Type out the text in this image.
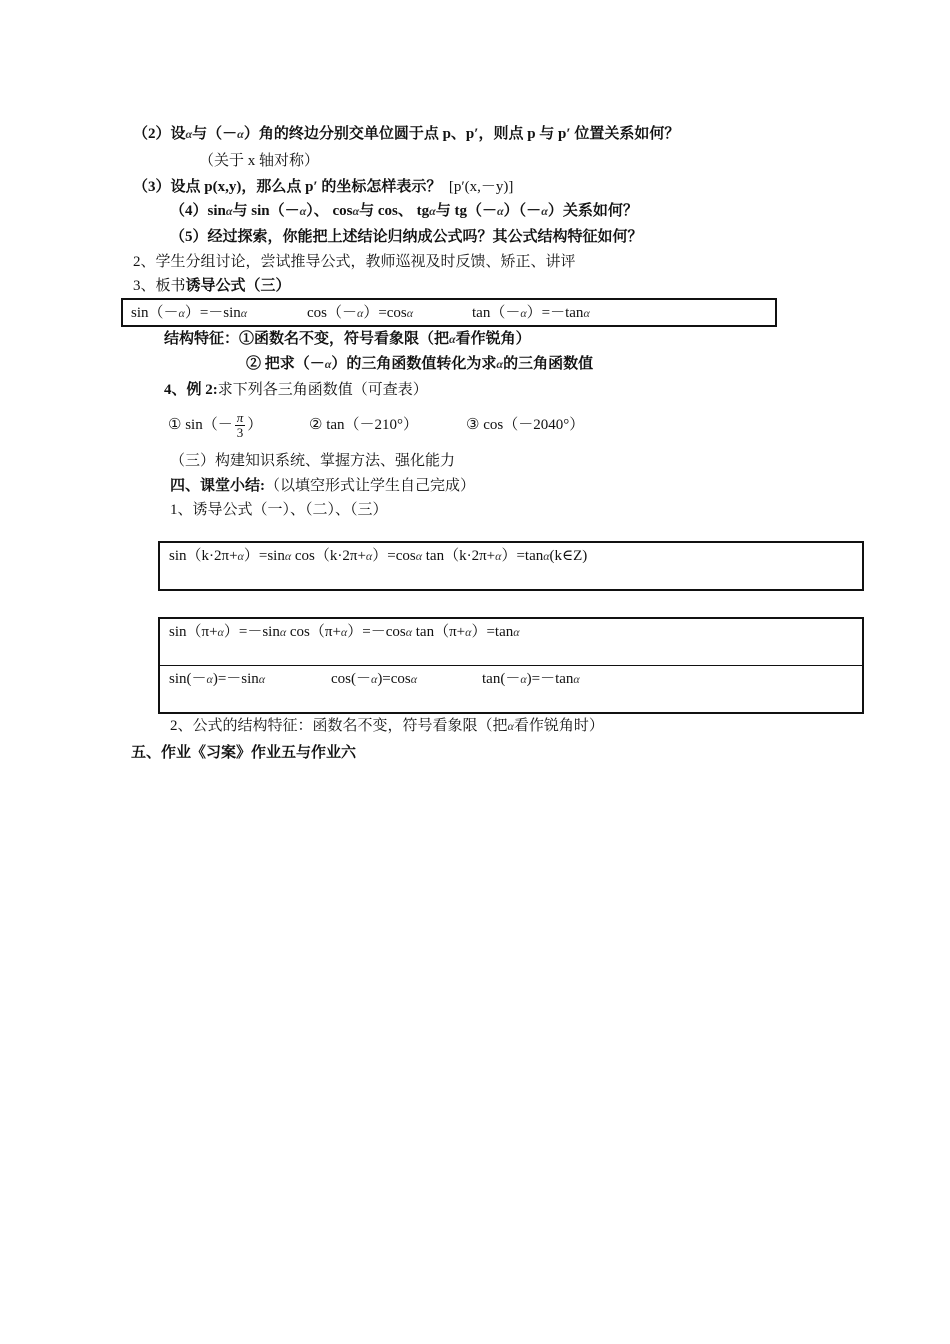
（2）设α与（－α）角的终边分别交单位圆于点 p、p′，则点 p 与 p′ 位置关系如何？
（关于 x 轴对称）
（3）设点 p(x,y)，那么点 p′ 的坐标怎样表示？ [p′(x,－y)]
（4）sinα与 sin（－α）、 cosα与 cos、 tgα与 tg（－α）（－α）关系如何？
（5）经过探索，你能把上述结论归纳成公式吗？其公式结构特征如何？
2、学生分组讨论，尝试推导公式，教师巡视及时反馈、矫正、讲评
3、板书诱导公式（三）
sin（－α）=－sinα	cos（－α）=cosα	tan（－α）=－tanα
结构特征：①函数名不变，符号看象限（把α看作锐角）
② 把求（－α）的三角函数值转化为求α的三角函数值
4、例 2:求下列各三角函数值（可查表）
① $\sin(- \frac{\pi}{3}$ ）	② tan（－210°）	③ cos（－2040°）
（三）构建知识系统、掌握方法、强化能力
四、课堂小结:（以填空形式让学生自己完成）
1、诱导公式（一）、（二）、（三）
sin（k·2π+α）=sinα cos（k·2π+α）=cosα tan（k·2π+α）=tanα(k∈Z)
sin（π+α）=－sinα cos（π+α）=－cosα tan（π+α）=tanα
sin(－α)=－sinα	cos(－α)=cosα	tan(－α)=－tanα
2、公式的结构特征：函数名不变，符号看象限（把α看作锐角时）
五、作业《习案》作业五与作业六
